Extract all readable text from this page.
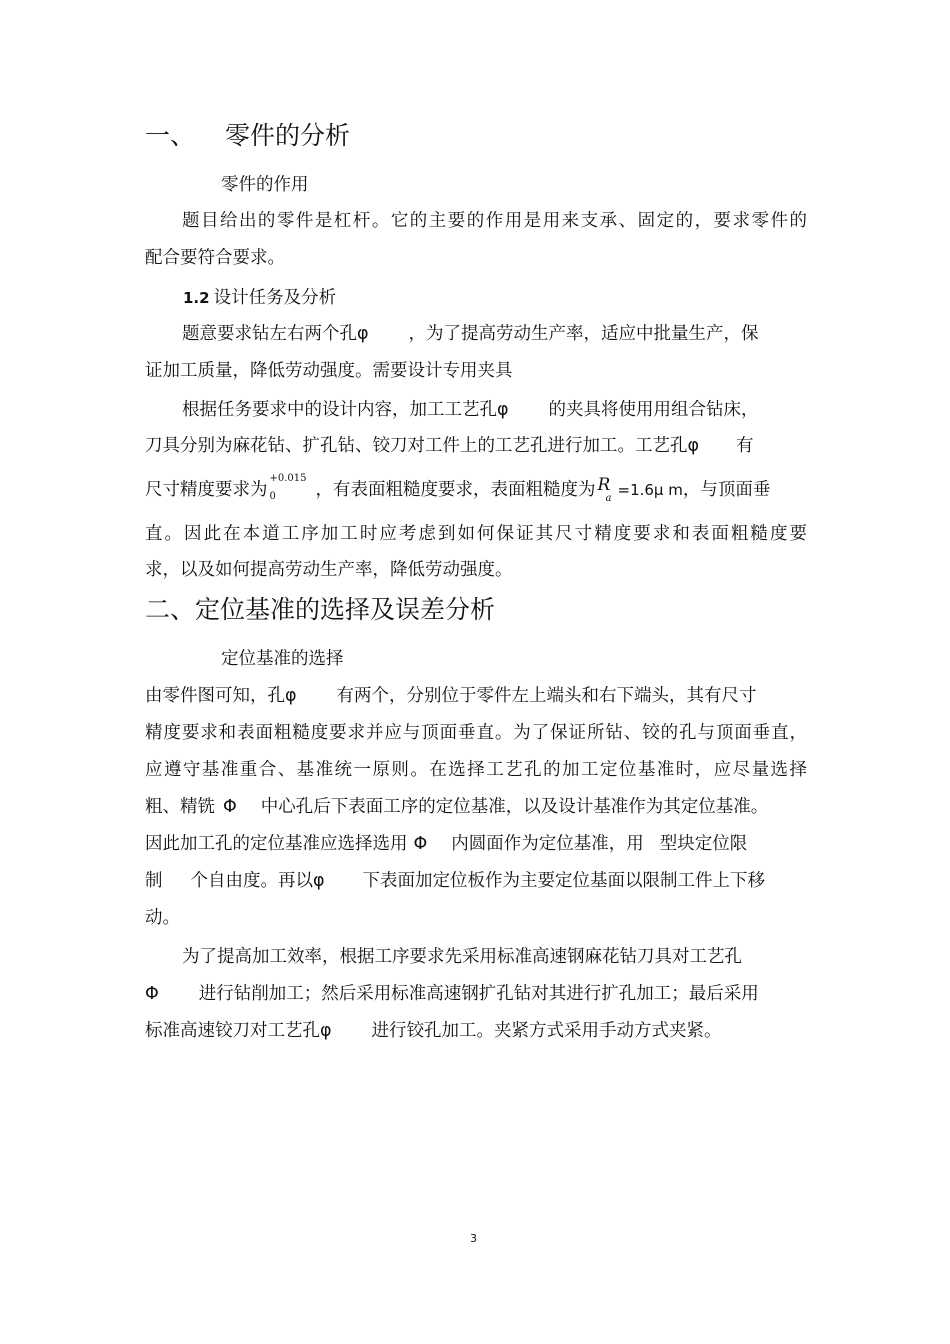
一、 零件的分析
零件的作用
题目给出的零件是杠杆。它的主要的作用是用来支承、固定的，要求零件的
配合要符合要求。
1.2 设计任务及分析
题意要求钻左右两个孔φ ，为了提高劳动生产率，适应中批量生产，保
证加工质量，降低劳动强度。需要设计专用夹具
根据任务要求中的设计内容，加工工艺孔φ 的夹具将使用用组合钻床，
刀具分别为麻花钻、扩孔钻、铰刀对工件上的工艺孔进行加工。工艺孔φ 有
尺寸精度要求为
+0.015
0 ，有表面粗糙度要求，表面粗糙度为 R
a =1.6μ m，与顶面垂
直。因此在本道工序加工时应考虑到如何保证其尺寸精度要求和表面粗糙度要
求，以及如何提高劳动生产率，降低劳动强度。
二、定位基准的选择及误差分析
定位基准的选择
由零件图可知，孔φ 有两个，分别位于零件左上端头和右下端头，其有尺寸
精度要求和表面粗糙度要求并应与顶面垂直。为了保证所钻、铰的孔与顶面垂直，
应遵守基准重合、基准统一原则。在选择工艺孔的加工定位基准时，应尽量选择
粗、精铣 Φ 中心孔后下表面工序的定位基准，以及设计基准作为其定位基准。
因此加工孔的定位基准应选择选用 Φ 内圆面作为定位基准，用 型块定位限
制 个自由度。再以φ 下表面加定位板作为主要定位基面以限制工件上下移
动。
为了提高加工效率，根据工序要求先采用标准高速钢麻花钻刀具对工艺孔
Φ 进行钻削加工；然后采用标准高速钢扩孔钻对其进行扩孔加工；最后采用
标准高速铰刀对工艺孔φ 进行铰孔加工。夹紧方式采用手动方式夹紧。
3
